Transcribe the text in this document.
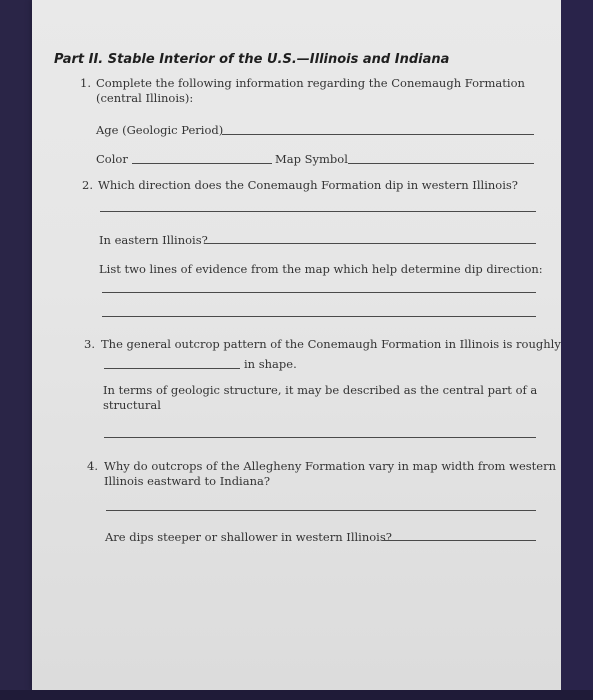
Part II. Stable Interior of the U.S.—Illinois and Indiana
1. Complete the following information regarding the Conemaugh Formation
(central Illinois):
Age (Geologic Period)
Color	Map Symbol
2. Which direction does the Conemaugh Formation dip in western Illinois?
In eastern Illinois?
List two lines of evidence from the map which help determine dip direction:
3. The general outcrop pattern of the Conemaugh Formation in Illinois is roughly
in shape.
In terms of geologic structure, it may be described as the central part of a
structural
4. Why do outcrops of the Allegheny Formation vary in map width from western
Illinois eastward to Indiana?
Are dips steeper or shallower in western Illinois?
